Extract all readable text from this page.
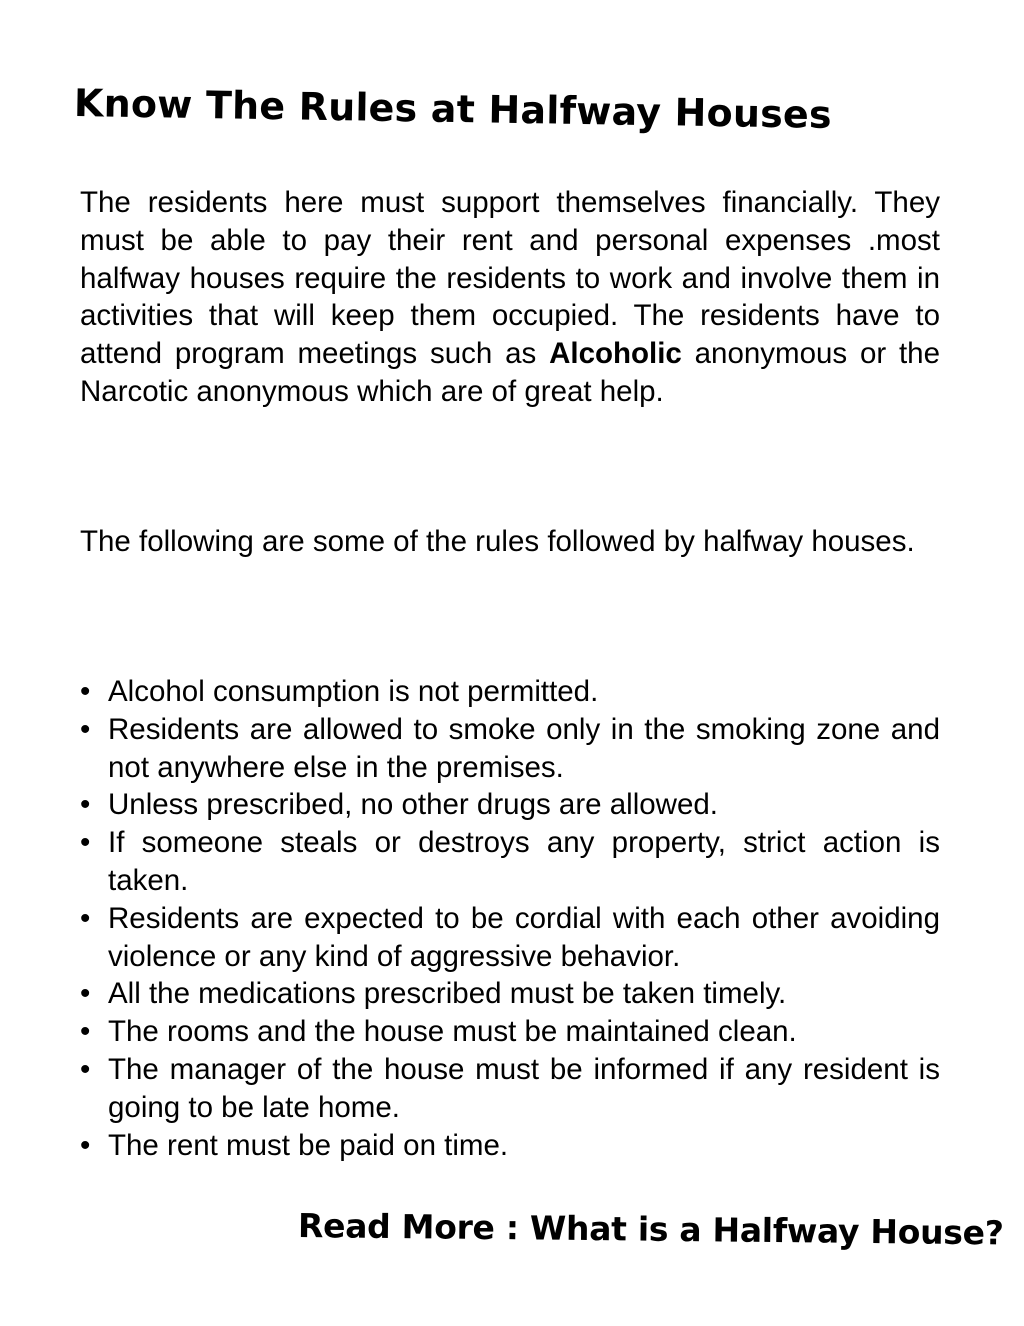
Know The Rules at Halfway Houses

The residents here must support themselves financially. They must be able to pay their rent and personal expenses .most halfway houses require the residents to work and involve them in activities that will keep them occupied. The residents have to attend program meetings such as Alcoholic anonymous or the Narcotic anonymous which are of great help.

The following are some of the rules followed by halfway houses.

• Alcohol consumption is not permitted.
• Residents are allowed to smoke only in the smoking zone and not anywhere else in the premises.
• Unless prescribed, no other drugs are allowed.
• If someone steals or destroys any property, strict action is taken.
• Residents are expected to be cordial with each other avoiding violence or any kind of aggressive behavior.
• All the medications prescribed must be taken timely.
• The rooms and the house must be maintained clean.
• The manager of the house must be informed if any resident is going to be late home.
• The rent must be paid on time.

Read More : What is a Halfway House?
